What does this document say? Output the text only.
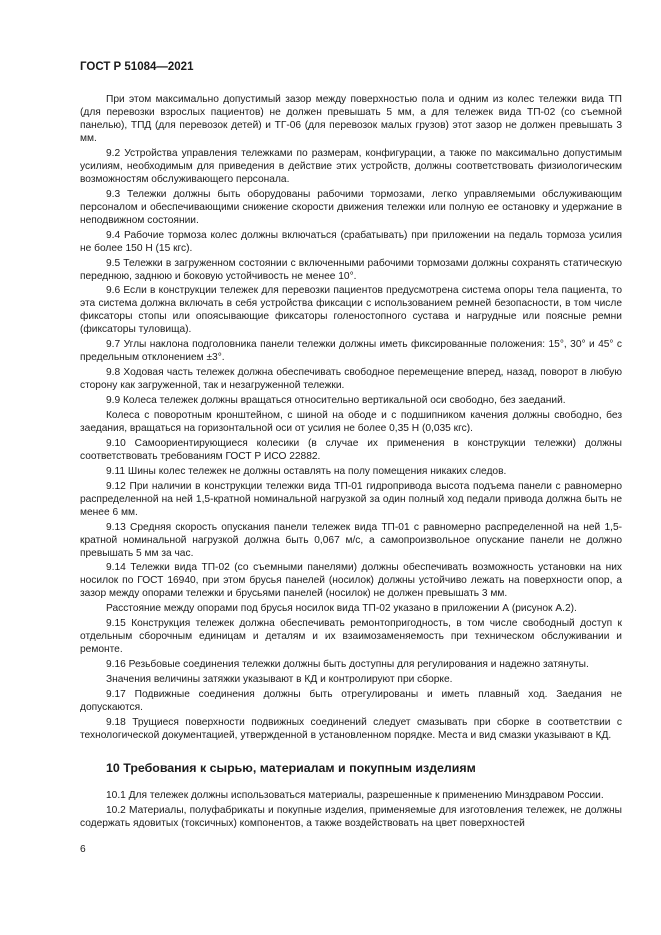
ГОСТ Р 51084—2021

При этом максимально допустимый зазор между поверхностью пола и одним из колес тележки вида ТП (для перевозки взрослых пациентов) не должен превышать 5 мм, а для тележек вида ТП-02 (со съемной панелью), ТПД (для перевозок детей) и ТГ-06 (для перевозок малых грузов) этот зазор не должен превышать 3 мм.

9.2 Устройства управления тележками по размерам, конфигурации, а также по максимально допустимым усилиям, необходимым для приведения в действие этих устройств, должны соответствовать физиологическим возможностям обслуживающего персонала.

9.3 Тележки должны быть оборудованы рабочими тормозами, легко управляемыми обслуживающим персоналом и обеспечивающими снижение скорости движения тележки или полную ее остановку и удержание в неподвижном состоянии.

9.4 Рабочие тормоза колес должны включаться (срабатывать) при приложении на педаль тормоза усилия не более 150 Н (15 кгс).

9.5 Тележки в загруженном состоянии с включенными рабочими тормозами должны сохранять статическую переднюю, заднюю и боковую устойчивость не менее 10°.

9.6 Если в конструкции тележек для перевозки пациентов предусмотрена система опоры тела пациента, то эта система должна включать в себя устройства фиксации с использованием ремней безопасности, в том числе фиксаторы стопы или опоясывающие фиксаторы голеностопного сустава и нагрудные или поясные ремни (фиксаторы туловища).

9.7 Углы наклона подголовника панели тележки должны иметь фиксированные положения: 15°, 30° и 45° с предельным отклонением ±3°.

9.8 Ходовая часть тележек должна обеспечивать свободное перемещение вперед, назад, поворот в любую сторону как загруженной, так и незагруженной тележки.

9.9 Колеса тележек должны вращаться относительно вертикальной оси свободно, без заеданий.

Колеса с поворотным кронштейном, с шиной на ободе и с подшипником качения должны свободно, без заедания, вращаться на горизонтальной оси от усилия не более 0,35 Н (0,035 кгс).

9.10 Самоориентирующиеся колесики (в случае их применения в конструкции тележки) должны соответствовать требованиям ГОСТ Р ИСО 22882.

9.11 Шины колес тележек не должны оставлять на полу помещения никаких следов.

9.12 При наличии в конструкции тележки вида ТП-01 гидропривода высота подъема панели с равномерно распределенной на ней 1,5-кратной номинальной нагрузкой за один полный ход педали привода должна быть не менее 6 мм.

9.13 Средняя скорость опускания панели тележек вида ТП-01 с равномерно распределенной на ней 1,5-кратной номинальной нагрузкой должна быть 0,067 м/с, а самопроизвольное опускание панели не должно превышать 5 мм за час.

9.14 Тележки вида ТП-02 (со съемными панелями) должны обеспечивать возможность установки на них носилок по ГОСТ 16940, при этом брусья панелей (носилок) должны устойчиво лежать на поверхности опор, а зазор между опорами тележки и брусьями панелей (носилок) не должен превышать 3 мм.

Расстояние между опорами под брусья носилок вида ТП-02 указано в приложении А (рисунок А.2).

9.15 Конструкция тележек должна обеспечивать ремонтопригодность, в том числе свободный доступ к отдельным сборочным единицам и деталям и их взаимозаменяемость при техническом обслуживании и ремонте.

9.16 Резьбовые соединения тележки должны быть доступны для регулирования и надежно затянуты.

Значения величины затяжки указывают в КД и контролируют при сборке.

9.17 Подвижные соединения должны быть отрегулированы и иметь плавный ход. Заедания не допускаются.

9.18 Трущиеся поверхности подвижных соединений следует смазывать при сборке в соответствии с технологической документацией, утвержденной в установленном порядке. Места и вид смазки указывают в КД.

10 Требования к сырью, материалам и покупным изделиям

10.1 Для тележек должны использоваться материалы, разрешенные к применению Минздравом России.

10.2 Материалы, полуфабрикаты и покупные изделия, применяемые для изготовления тележек, не должны содержать ядовитых (токсичных) компонентов, а также воздействовать на цвет поверхностей

6
